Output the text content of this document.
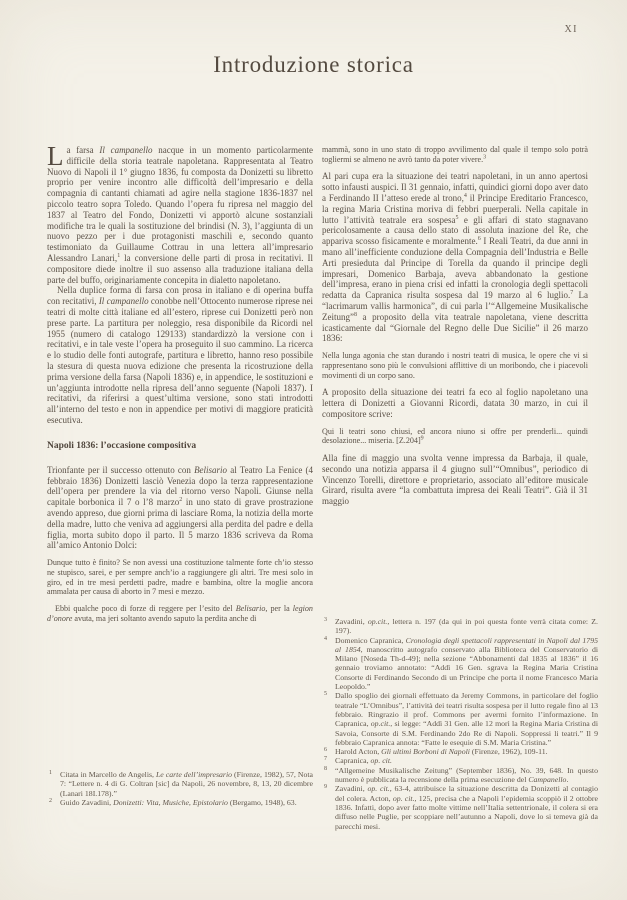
XI
Introduzione storica

La farsa Il campanello nacque in un momento particolarmente difficile della storia teatrale napoletana. Rappresentata al Teatro Nuovo di Napoli il 1° giugno 1836, fu composta da Donizetti su libretto proprio per venire incontro alle difficoltà dell’impresario e della compagnia di cantanti chiamati ad agire nella stagione 1836-1837 nel piccolo teatro sopra Toledo. Quando l’opera fu ripresa nel maggio del 1837 al Teatro del Fondo, Donizetti vi apportò alcune sostanziali modifiche tra le quali la sostituzione del brindisi (N. 3), l’aggiunta di un nuovo pezzo per i due protagonisti maschili e, secondo quanto testimoniato da Guillaume Cottrau in una lettera all’impresario Alessandro Lanari,$^1$ la conversione delle parti di prosa in recitativi. Il compositore diede inoltre il suo assenso alla traduzione italiana della parte del buffo, originariamente concepita in dialetto napoletano.

Nella duplice forma di farsa con prosa in italiano e di operina buffa con recitativi, Il campanello conobbe nell’Ottocento numerose riprese nei teatri di molte città italiane ed all’estero, riprese cui Donizetti però non prese parte. La partitura per noleggio, resa disponibile da Ricordi nel 1955 (numero di catalogo 129133) standardizzò la versione con i recitativi, e in tale veste l’opera ha proseguito il suo cammino. La ricerca e lo studio delle fonti autografe, partitura e libretto, hanno reso possibile la stesura di questa nuova edizione che presenta la ricostruzione della prima versione della farsa (Napoli 1836) e, in appendice, le sostituzioni e un’aggiunta introdotte nella ripresa dell’anno seguente (Napoli 1837). I recitativi, da riferirsi a quest’ultima versione, sono stati introdotti all’interno del testo e non in appendice per motivi di maggiore praticità esecutiva.

Napoli 1836: l’occasione compositiva

Trionfante per il successo ottenuto con Belisario al Teatro La Fenice (4 febbraio 1836) Donizetti lasciò Venezia dopo la terza rappresentazione dell’opera per prendere la via del ritorno verso Napoli. Giunse nella capitale borbonica il 7 o l’8 marzo$^2$ in uno stato di grave prostrazione avendo appreso, due giorni prima di lasciare Roma, la notizia della morte della madre, lutto che veniva ad aggiungersi alla perdita del padre e della figlia, morta subito dopo il parto. Il 5 marzo 1836 scriveva da Roma all’amico Antonio Dolci:

Dunque tutto è finito? Se non avessi una costituzione talmente forte ch’io stesso ne stupisco, sarei, e per sempre anch’io a raggiungere gli altri. Tre mesi solo in giro, ed in tre mesi perdetti padre, madre e bambina, oltre la moglie ancora ammalata per causa di aborto in 7 mesi e mezzo.

Ebbi qualche poco di forze di reggere per l’esito del Belisario, per la legion d’onore avuta, ma jeri soltanto avendo saputo la perdita anche di

mammà, sono in uno stato di troppo avvilimento dal quale il tempo solo potrà togliermi se almeno ne avrò tanto da poter vivere.$^3$

Al pari cupa era la situazione dei teatri napoletani, in un anno apertosi sotto infausti auspici. Il 31 gennaio, infatti, quindici giorni dopo aver dato a Ferdinando II l’atteso erede al trono,$^4$ il Principe Ereditario Francesco, la regina Maria Cristina moriva di febbri puerperali. Nella capitale in lutto l’attività teatrale era sospesa$^5$ e gli affari di stato stagnavano pericolosamente a causa dello stato di assoluta inazione del Re, che appariva scosso fisicamente e moralmente.$^6$ I Reali Teatri, da due anni in mano all’inefficiente conduzione della Compagnia dell’Industria e Belle Arti presieduta dal Principe di Torella da quando il principe degli impresari, Domenico Barbaja, aveva abbandonato la gestione dell’impresa, erano in piena crisi ed infatti la cronologia degli spettacoli redatta da Capranica risulta sospesa dal 19 marzo al 6 luglio.$^7$ La “lacrimarum vallis harmonica”, di cui parla l’“Allgemeine Musikalische Zeitung”$^8$ a proposito della vita teatrale napoletana, viene descritta icasticamente dal “Giornale del Regno delle Due Sicilie” il 26 marzo 1836:

Nella lunga agonia che stan durando i nostri teatri di musica, le opere che vi si rappresentano sono più le convulsioni afflittive di un moribondo, che i piacevoli movimenti di un corpo sano.

A proposito della situazione dei teatri fa eco al foglio napoletano una lettera di Donizetti a Giovanni Ricordi, datata 30 marzo, in cui il compositore scrive:

Qui li teatri sono chiusi, ed ancora niuno si offre per prenderli... quindi desolazione... miseria. $[Z.204]^9$

Alla fine di maggio una svolta venne impressa da Barbaja, il quale, secondo una notizia apparsa il 4 giugno sull’“Omnibus”, periodico di Vincenzo Torelli, direttore e proprietario, associato all’editore musicale Girard, risulta avere “la combattuta impresa dei Reali Teatri”. Già il 31 maggio

1 Citata in Marcello de Angelis, Le carte dell’impresario (Firenze, 1982), 57, Nota 7: “Lettere n. 4 di G. Coltran [sic] da Napoli, 26 novembre, 8, 13, 20 dicembre (Lanari 18I.178).”
2 Guido Zavadini, Donizetti: Vita, Musiche, Epistolario (Bergamo, 1948), 63.
3 Zavadini, op.cit., lettera n. 197 (da qui in poi questa fonte verrà citata come: Z. 197).
4 Domenico Capranica, Cronologia degli spettacoli rappresentati in Napoli dal 1795 al 1854, manoscritto autografo conservato alla Biblioteca del Conservatorio di Milano [Noseda Th-d-49]; nella sezione “Abbonamenti dal 1835 al 1836” il 16 gennaio troviamo annotato: “Addì 16 Gen. sgrava la Regina Maria Cristina Consorte di Ferdinando Secondo di un Principe che porta il nome Francesco Maria Leopoldo.”
5 Dallo spoglio dei giornali effettuato da Jeremy Commons, in particolare del foglio teatrale “L’Omnibus”, l’attività dei teatri risulta sospesa per il lutto regale fino al 13 febbraio. Ringrazio il prof. Commons per avermi fornito l’informazione. In Capranica, op.cit., si legge: “Addì 31 Gen. alle 12 morì la Regina Maria Cristina di Savoia, Consorte di S.M. Ferdinando 2do Re di Napoli. Soppressi li teatri.” Il 9 febbraio Capranica annota: “Fatte le esequie di S.M. Maria Cristina.”
6 Harold Acton, Gli ultimi Borboni di Napoli (Firenze, 1962), 109-11.
7 Capranica, op. cit.
8 “Allgemeine Musikalische Zeitung” (September 1836), No. 39, 648. In questo numero è pubblicata la recensione della prima esecuzione del Campanello.
9 Zavadini, op. cit., 63-4, attribuisce la situazione descritta da Donizetti al contagio del colera. Acton, op. cit., 125, precisa che a Napoli l’epidemia scoppiò il 2 ottobre 1836. Infatti, dopo aver fatto molte vittime nell’Italia settentrionale, il colera si era diffuso nelle Puglie, per scoppiare nell’autunno a Napoli, dove lo si temeva già da parecchi mesi.
